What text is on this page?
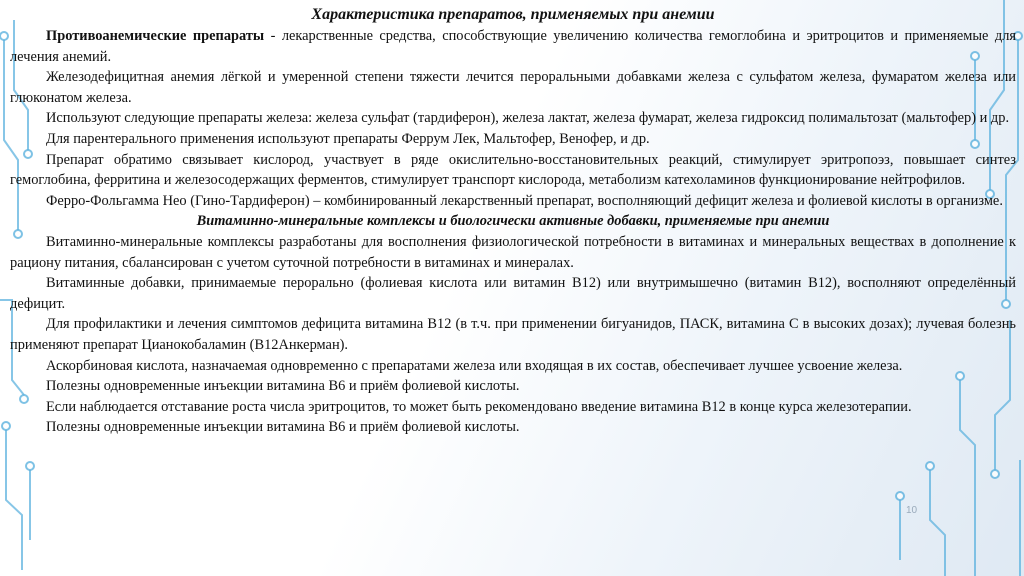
Характеристика препаратов, применяемых при анемии

Противоанемические препараты - лекарственные средства, способствующие увеличению количества гемоглобина и эритроцитов и применяемые для лечения анемий.

Железодефицитная анемия лёгкой и умеренной степени тяжести лечится пероральными добавками железа с сульфатом железа, фумаратом железа или глюконатом железа.

Используют следующие препараты железа: железа сульфат (тардиферон), железа лактат, железа фумарат, железа гидроксид полимальтозат (мальтофер) и др.

Для парентерального применения используют препараты Феррум Лек, Мальтофер, Венофер, и др.

Препарат обратимо связывает кислород, участвует в ряде окислительно-восстановительных реакций, стимулирует эритропоэз, повышает синтез гемоглобина, ферритина и железосодержащих ферментов, стимулирует транспорт кислорода, метаболизм катехоламинов функционирование нейтрофилов.

Ферро-Фольгамма Нео (Гино-Тардиферон) – комбинированный лекарственный препарат, восполняющий дефицит железа и фолиевой кислоты в организме.

Витаминно-минеральные комплексы и биологически активные добавки, применяемые при анемии

Витаминно-минеральные комплексы разработаны для восполнения физиологической потребности в витаминах и минеральных веществах в дополнение к рациону питания, сбалансирован с учетом суточной потребности в витаминах и минералах.

Витаминные добавки, принимаемые перорально (фолиевая кислота или витамин В12) или внутримышечно (витамин В12), восполняют определённый дефицит.

Для профилактики и лечения симптомов дефицита витамина В12 (в т.ч. при применении бигуанидов, ПАСК, витамина С в высоких дозах); лучевая болезнь применяют препарат Цианокобаламин (В12Анкерман).

Аскорбиновая кислота, назначаемая одновременно с препаратами железа или входящая в их состав, обеспечивает лучшее усвоение железа.

Полезны одновременные инъекции витамина В6 и приём фолиевой кислоты.

Если наблюдается отставание роста числа эритроцитов, то может быть рекомендовано введение витамина В12 в конце курса железотерапии.

Полезны одновременные инъекции витамина В6 и приём фолиевой кислоты.

10
